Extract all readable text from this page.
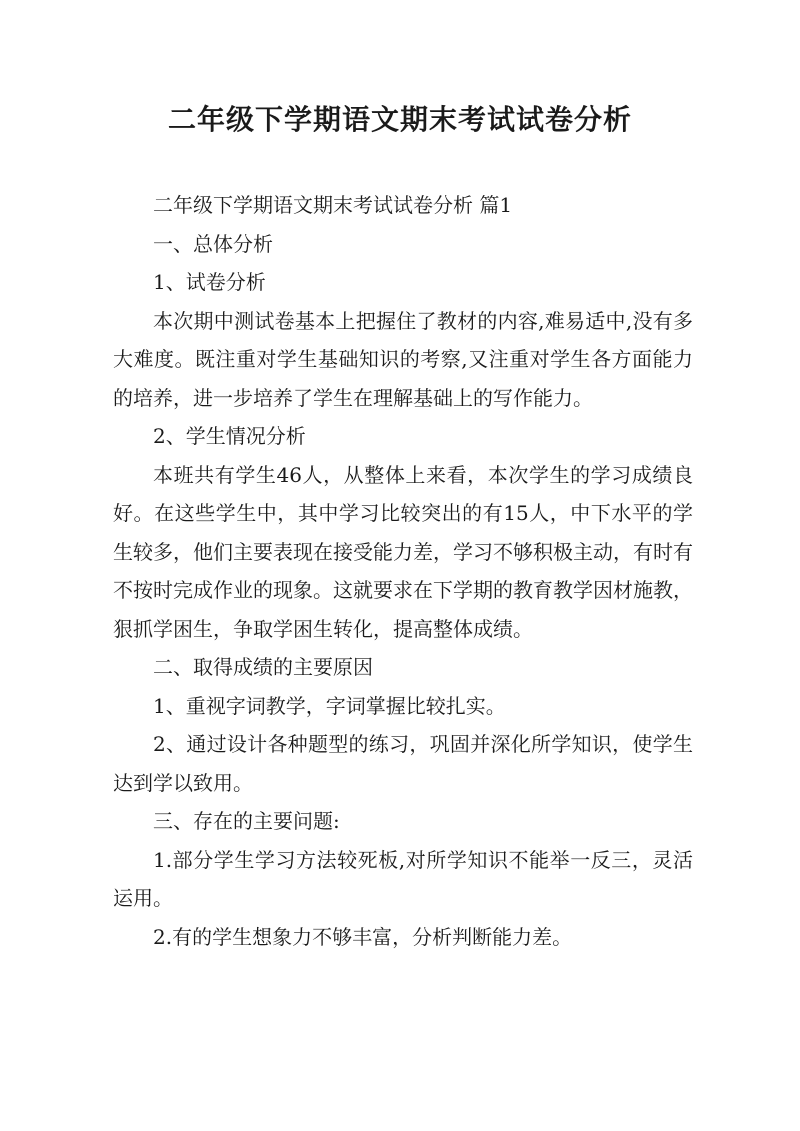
二年级下学期语文期末考试试卷分析

二年级下学期语文期末考试试卷分析 篇1

一、总体分析

1、试卷分析

本次期中测试卷基本上把握住了教材的内容,难易适中,没有多大难度。既注重对学生基础知识的考察,又注重对学生各方面能力的培养，进一步培养了学生在理解基础上的写作能力。

2、学生情况分析

本班共有学生46人，从整体上来看，本次学生的学习成绩良好。在这些学生中，其中学习比较突出的有15人，中下水平的学生较多，他们主要表现在接受能力差，学习不够积极主动，有时有不按时完成作业的现象。这就要求在下学期的教育教学因材施教，狠抓学困生，争取学困生转化，提高整体成绩。

二、取得成绩的主要原因

1、重视字词教学，字词掌握比较扎实。

2、通过设计各种题型的练习，巩固并深化所学知识，使学生达到学以致用。

三、存在的主要问题:

1.部分学生学习方法较死板,对所学知识不能举一反三，灵活运用。

2.有的学生想象力不够丰富，分析判断能力差。
